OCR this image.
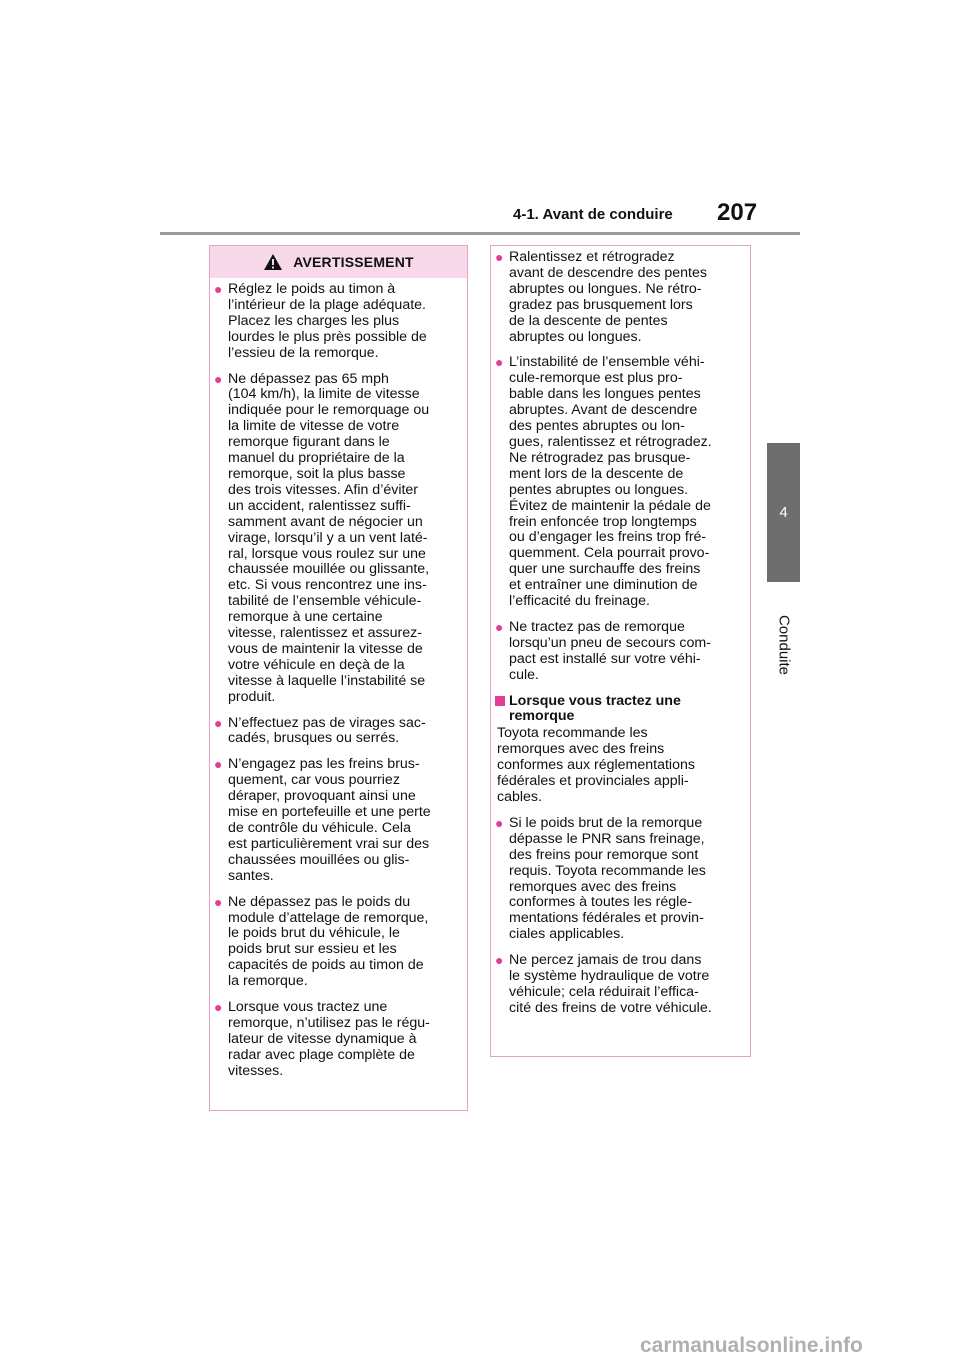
4-1. Avant de conduire 207
4
Conduite
AVERTISSEMENT
● Réglez le poids au timon à
l’intérieur de la plage adéquate.
Placez les charges les plus
lourdes le plus près possible de
l’essieu de la remorque.
● Ne dépassez pas 65 mph
(104 km/h), la limite de vitesse
indiquée pour le remorquage ou
la limite de vitesse de votre
remorque figurant dans le
manuel du propriétaire de la
remorque, soit la plus basse
des trois vitesses. Afin d’éviter
un accident, ralentissez suffi-
samment avant de négocier un
virage, lorsqu’il y a un vent laté-
ral, lorsque vous roulez sur une
chaussée mouillée ou glissante,
etc. Si vous rencontrez une ins-
tabilité de l’ensemble véhicule-
remorque à une certaine
vitesse, ralentissez et assurez-
vous de maintenir la vitesse de
votre véhicule en deçà de la
vitesse à laquelle l’instabilité se
produit.
● N’effectuez pas de virages sac-
cadés, brusques ou serrés.
● N’engagez pas les freins brus-
quement, car vous pourriez
déraper, provoquant ainsi une
mise en portefeuille et une perte
de contrôle du véhicule. Cela
est particulièrement vrai sur des
chaussées mouillées ou glis-
santes.
● Ne dépassez pas le poids du
module d’attelage de remorque,
le poids brut du véhicule, le
poids brut sur essieu et les
capacités de poids au timon de
la remorque.
● Lorsque vous tractez une
remorque, n’utilisez pas le régu-
lateur de vitesse dynamique à
radar avec plage complète de
vitesses.
● Ralentissez et rétrogradez
avant de descendre des pentes
abruptes ou longues. Ne rétro-
gradez pas brusquement lors
de la descente de pentes
abruptes ou longues.
● L’instabilité de l’ensemble véhi-
cule-remorque est plus pro-
bable dans les longues pentes
abruptes. Avant de descendre
des pentes abruptes ou lon-
gues, ralentissez et rétrogradez.
Ne rétrogradez pas brusque-
ment lors de la descente de
pentes abruptes ou longues.
Évitez de maintenir la pédale de
frein enfoncée trop longtemps
ou d’engager les freins trop fré-
quemment. Cela pourrait provo-
quer une surchauffe des freins
et entraîner une diminution de
l’efficacité du freinage.
● Ne tractez pas de remorque
lorsqu’un pneu de secours com-
pact est installé sur votre véhi-
cule.
Lorsque vous tractez une
remorque
Toyota recommande les
remorques avec des freins
conformes aux réglementations
fédérales et provinciales appli-
cables.
● Si le poids brut de la remorque
dépasse le PNR sans freinage,
des freins pour remorque sont
requis. Toyota recommande les
remorques avec des freins
conformes à toutes les régle-
mentations fédérales et provin-
ciales applicables.
● Ne percez jamais de trou dans
le système hydraulique de votre
véhicule; cela réduirait l’effica-
cité des freins de votre véhicule.
carmanualsonline.info
